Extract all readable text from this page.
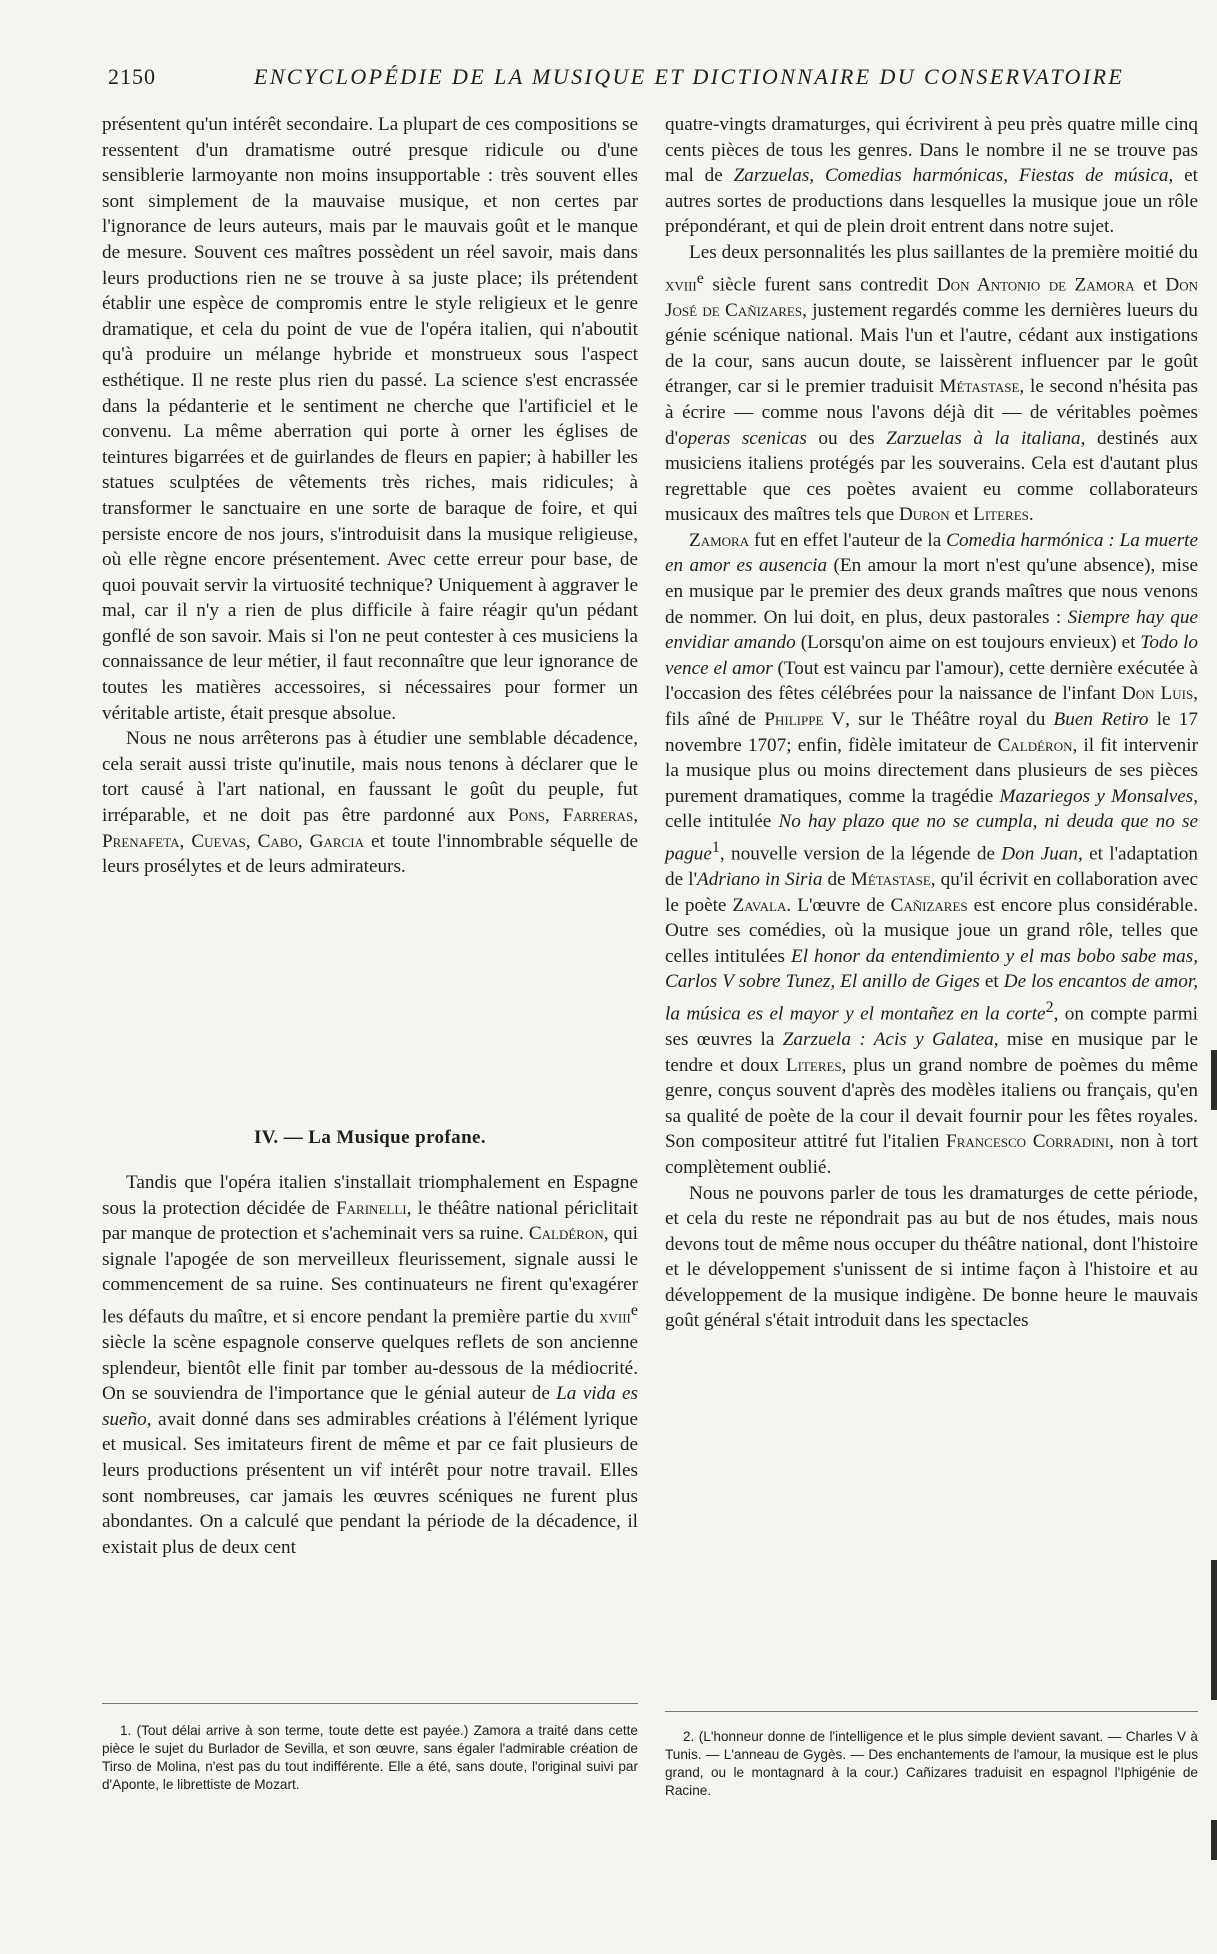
2150	ENCYCLOPÉDIE DE LA MUSIQUE ET DICTIONNAIRE DU CONSERVATOIRE

présentent qu'un intérêt secondaire. La plupart de ces compositions se ressentent d'un dramatisme outré presque ridicule ou d'une sensiblerie larmoyante non moins insupportable : très souvent elles sont simplement de la mauvaise musique, et non certes par l'ignorance de leurs auteurs, mais par le mauvais goût et le manque de mesure. Souvent ces maîtres possèdent un réel savoir, mais dans leurs productions rien ne se trouve à sa juste place; ils prétendent établir une espèce de compromis entre le style religieux et le genre dramatique, et cela du point de vue de l'opéra italien, qui n'aboutit qu'à produire un mélange hybride et monstrueux sous l'aspect esthétique. Il ne reste plus rien du passé. La science s'est encrassée dans la pédanterie et le sentiment ne cherche que l'artificiel et le convenu. La même aberration qui porte à orner les églises de teintures bigarrées et de guirlandes de fleurs en papier; à habiller les statues sculptées de vêtements très riches, mais ridicules; à transformer le sanctuaire en une sorte de baraque de foire, et qui persiste encore de nos jours, s'introduisit dans la musique religieuse, où elle règne encore présentement. Avec cette erreur pour base, de quoi pouvait servir la virtuosité technique? Uniquement à aggraver le mal, car il n'y a rien de plus difficile à faire réagir qu'un pédant gonflé de son savoir. Mais si l'on ne peut contester à ces musiciens la connaissance de leur métier, il faut reconnaître que leur ignorance de toutes les matières accessoires, si nécessaires pour former un véritable artiste, était presque absolue.

Nous ne nous arrêterons pas à étudier une semblable décadence, cela serait aussi triste qu'inutile, mais nous tenons à déclarer que le tort causé à l'art national, en faussant le goût du peuple, fut irréparable, et ne doit pas être pardonné aux Pons, Farreras, Prenafeta, Cuevas, Cabo, Garcia et toute l'innombrable séquelle de leurs prosélytes et de leurs admirateurs.

IV. — La Musique profane.

Tandis que l'opéra italien s'installait triomphalement en Espagne sous la protection décidée de Farinelli, le théâtre national périclitait par manque de protection et s'acheminait vers sa ruine. Caldéron, qui signale l'apogée de son merveilleux fleurissement, signale aussi le commencement de sa ruine. Ses continuateurs ne firent qu'exagérer les défauts du maître, et si encore pendant la première partie du xviii$^e$ siècle la scène espagnole conserve quelques reflets de son ancienne splendeur, bientôt elle finit par tomber au-dessous de la médiocrité. On se souviendra de l'importance que le génial auteur de La vida es sueño, avait donné dans ses admirables créations à l'élément lyrique et musical. Ses imitateurs firent de même et par ce fait plusieurs de leurs productions présentent un vif intérêt pour notre travail. Elles sont nombreuses, car jamais les œuvres scéniques ne furent plus abondantes. On a calculé que pendant la période de la décadence, il existait plus de deux cent

1. (Tout délai arrive à son terme, toute dette est payée.) Zamora a traité dans cette pièce le sujet du Burlador de Sevilla, et son œuvre, sans égaler l'admirable création de Tirso de Molina, n'est pas du tout indifférente. Elle a été, sans doute, l'original suivi par d'Aponte, le librettiste de Mozart.

quatre-vingts dramaturges, qui écrivirent à peu près quatre mille cinq cents pièces de tous les genres. Dans le nombre il ne se trouve pas mal de Zarzuelas, Comedias harmónicas, Fiestas de música, et autres sortes de productions dans lesquelles la musique joue un rôle prépondérant, et qui de plein droit entrent dans notre sujet.

Les deux personnalités les plus saillantes de la première moitié du xviii$^e$ siècle furent sans contredit Don Antonio de Zamora et Don José de Cañizares, justement regardés comme les dernières lueurs du génie scénique national. Mais l'un et l'autre, cédant aux instigations de la cour, sans aucun doute, se laissèrent influencer par le goût étranger, car si le premier traduisit Métastase, le second n'hésita pas à écrire — comme nous l'avons déjà dit — de véritables poèmes d'operas scenicas ou des Zarzuelas à la italiana, destinés aux musiciens italiens protégés par les souverains. Cela est d'autant plus regrettable que ces poètes avaient eu comme collaborateurs musicaux des maîtres tels que Duron et Literes.

Zamora fut en effet l'auteur de la Comedia harmónica : La muerte en amor es ausencia (En amour la mort n'est qu'une absence), mise en musique par le premier des deux grands maîtres que nous venons de nommer. On lui doit, en plus, deux pastorales : Siempre hay que envidiar amando (Lorsqu'on aime on est toujours envieux) et Todo lo vence el amor (Tout est vaincu par l'amour), cette dernière exécutée à l'occasion des fêtes célébrées pour la naissance de l'infant Don Luis, fils aîné de Philippe V, sur le Théâtre royal du Buen Retiro le 17 novembre 1707; enfin, fidèle imitateur de Caldéron, il fit intervenir la musique plus ou moins directement dans plusieurs de ses pièces purement dramatiques, comme la tragédie Mazariegos y Monsalves, celle intitulée No hay plazo que no se cumpla, ni deuda que no se pague$^1$, nouvelle version de la légende de Don Juan, et l'adaptation de l'Adriano in Siria de Métastase, qu'il écrivit en collaboration avec le poète Zavala. L'œuvre de Cañizares est encore plus considérable. Outre ses comédies, où la musique joue un grand rôle, telles que celles intitulées El honor da entendimiento y el mas bobo sabe mas, Carlos V sobre Tunez, El anillo de Giges et De los encantos de amor, la música es el mayor y el montañez en la corte$^2$, on compte parmi ses œuvres la Zarzuela : Acis y Galatea, mise en musique par le tendre et doux Literes, plus un grand nombre de poèmes du même genre, conçus souvent d'après des modèles italiens ou français, qu'en sa qualité de poète de la cour il devait fournir pour les fêtes royales. Son compositeur attitré fut l'italien Francesco Corradini, non à tort complètement oublié.

Nous ne pouvons parler de tous les dramaturges de cette période, et cela du reste ne répondrait pas au but de nos études, mais nous devons tout de même nous occuper du théâtre national, dont l'histoire et le développement s'unissent de si intime façon à l'histoire et au développement de la musique indigène. De bonne heure le mauvais goût général s'était introduit dans les spectacles

2. (L'honneur donne de l'intelligence et le plus simple devient savant. — Charles V à Tunis. — L'anneau de Gygès. — Des enchantements de l'amour, la musique est le plus grand, ou le montagnard à la cour.) Cañizares traduisit en espagnol l'Iphigénie de Racine.
